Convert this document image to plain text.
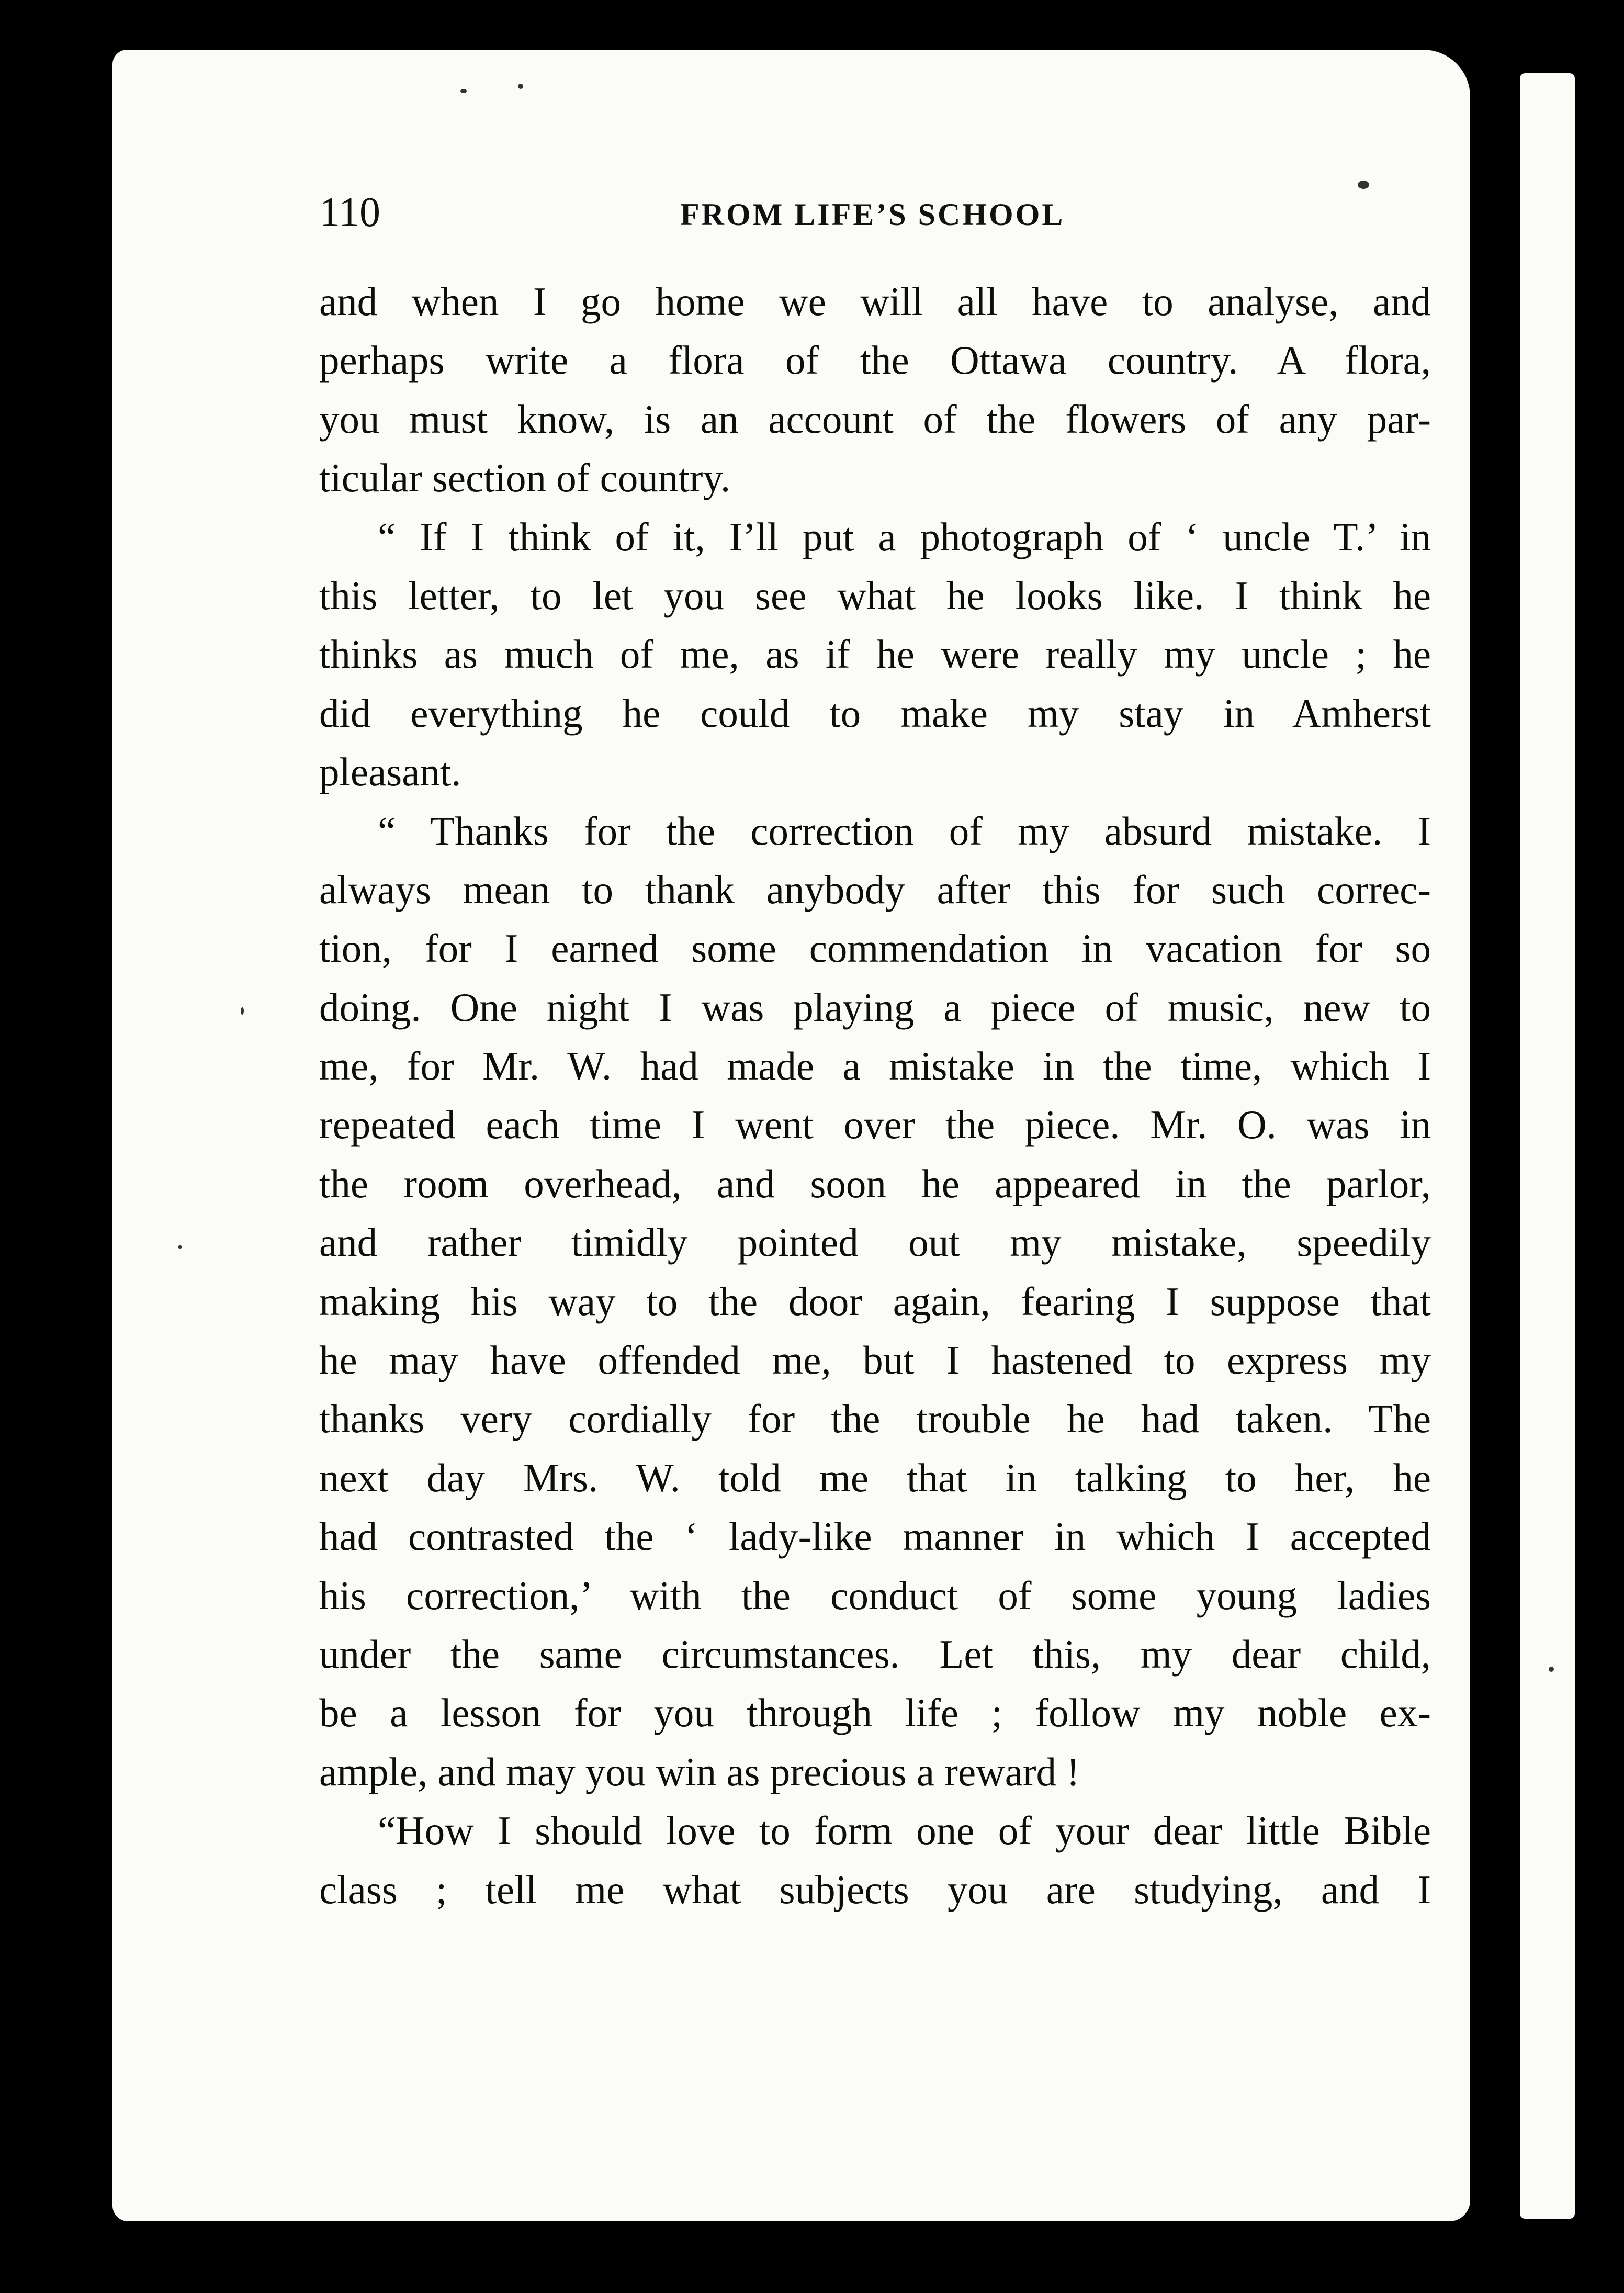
110	FROM LIFE’S SCHOOL
and when I go home we will all have to analyse, and
perhaps write a flora of the Ottawa country. A flora,
you must know, is an account of the flowers of any par-
ticular section of country.
“ If I think of it, I’ll put a photograph of ‘ uncle T.’ in
this letter, to let you see what he looks like. I think he
thinks as much of me, as if he were really my uncle ; he
did everything he could to make my stay in Amherst
pleasant.
“ Thanks for the correction of my absurd mistake. I
always mean to thank anybody after this for such correc-
tion, for I earned some commendation in vacation for so
doing. One night I was playing a piece of music, new to
me, for Mr. W. had made a mistake in the time, which I
repeated each time I went over the piece. Mr. O. was in
the room overhead, and soon he appeared in the parlor,
and rather timidly pointed out my mistake, speedily
making his way to the door again, fearing I suppose that
he may have offended me, but I hastened to express my
thanks very cordially for the trouble he had taken. The
next day Mrs. W. told me that in talking to her, he
had contrasted the ‘ lady-like manner in which I accepted
his correction,’ with the conduct of some young ladies
under the same circumstances. Let this, my dear child,
be a lesson for you through life ; follow my noble ex-
ample, and may you win as precious a reward !
“How I should love to form one of your dear little Bible
class ; tell me what subjects you are studying, and I
